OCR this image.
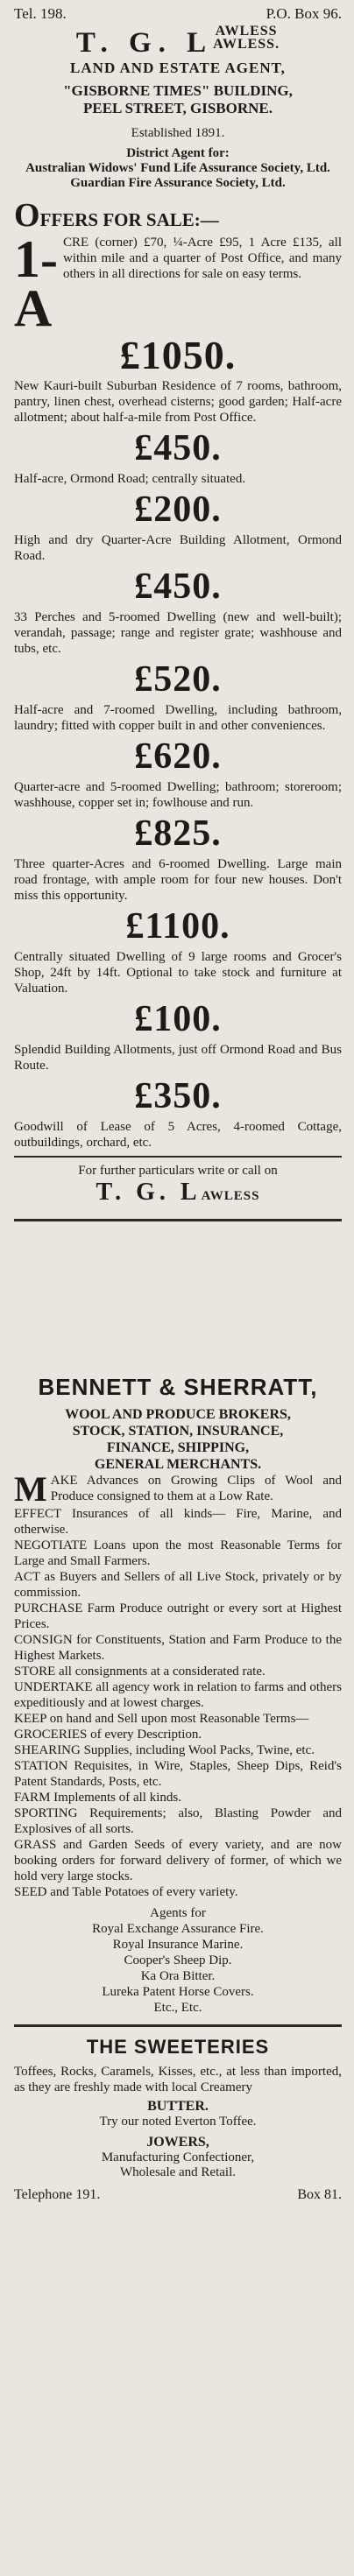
Tel. 198.	P.O. Box 96.
T. G. L AWLESS
AWLESS.
LAND AND ESTATE AGENT,
"GISBORNE TIMES" BUILDING,
PEEL STREET, GISBORNE.
Established 1891.
District Agent for:
Australian Widows' Fund Life Assurance Society, Ltd.
Guardian Fire Assurance Society, Ltd.
OFFERS FOR SALE:—
1-A
CRE (corner) £70, ¼-Acre £95, 1 Acre £135, all within mile and a quarter of Post Office, and many others in all directions for sale on easy terms.
£1050.
New Kauri-built Suburban Residence of 7 rooms, bathroom, pantry, linen chest, overhead cisterns; good garden; Half-acre allotment; about half-a-mile from Post Office.
£450.
Half-acre, Ormond Road; centrally situated.
£200.
High and dry Quarter-Acre Building Allotment, Ormond Road.
£450.
33 Perches and 5-roomed Dwelling (new and well-built); verandah, passage; range and register grate; washhouse and tubs, etc.
£520.
Half-acre and 7-roomed Dwelling, including bathroom, laundry; fitted with copper built in and other conveniences.
£620.
Quarter-acre and 5-roomed Dwelling; bathroom; storeroom; washhouse, copper set in; fowlhouse and run.
£825.
Three quarter-Acres and 6-roomed Dwelling. Large main road frontage, with ample room for four new houses. Don't miss this opportunity.
£1100.
Centrally situated Dwelling of 9 large rooms and Grocer's Shop, 24ft by 14ft. Optional to take stock and furniture at Valuation.
£100.
Splendid Building Allotments, just off Ormond Road and Bus Route.
£350.
Goodwill of Lease of 5 Acres, 4-roomed Cottage, outbuildings, orchard, etc.
For further particulars write or call on
T. G. LAWLESS
BENNETT & SHERRATT,
WOOL AND PRODUCE BROKERS,
STOCK, STATION, INSURANCE,
FINANCE, SHIPPING,
GENERAL MERCHANTS.
M AKE Advances on Growing Clips of Wool and Produce consigned to them at a Low Rate.

EFFECT Insurances of all kinds— Fire, Marine, and otherwise.

NEGOTIATE Loans upon the most Reasonable Terms for Large and Small Farmers.

ACT as Buyers and Sellers of all Live Stock, privately or by commission.

PURCHASE Farm Produce outright or every sort at Highest Prices.

CONSIGN for Constituents, Station and Farm Produce to the Highest Markets.

STORE all consignments at a considerated rate.

UNDERTAKE all agency work in relation to farms and others expeditiously and at lowest charges.

KEEP on hand and Sell upon most Reasonable Terms—

GROCERIES of every Description.

SHEARING Supplies, including Wool Packs, Twine, etc.

STATION Requisites, in Wire, Staples, Sheep Dips, Reid's Patent Standards, Posts, etc.

FARM Implements of all kinds.

SPORTING Requirements; also, Blasting Powder and Explosives of all sorts.

GRASS and Garden Seeds of every variety, and are now booking orders for forward delivery of former, of which we hold very large stocks.

SEED and Table Potatoes of every variety.

Agents for
Royal Exchange Assurance Fire.
Royal Insurance Marine.
Cooper's Sheep Dip.
Ka Ora Bitter.
Lureka Patent Horse Covers.
Etc., Etc.
THE SWEETERIES
Toffees, Rocks, Caramels, Kisses, etc., at less than imported, as they are freshly made with local Creamery
BUTTER.
Try our noted Everton Toffee.
JOWERS,
Manufacturing Confectioner,
Wholesale and Retail.
Telephone 191.	Box 81.
